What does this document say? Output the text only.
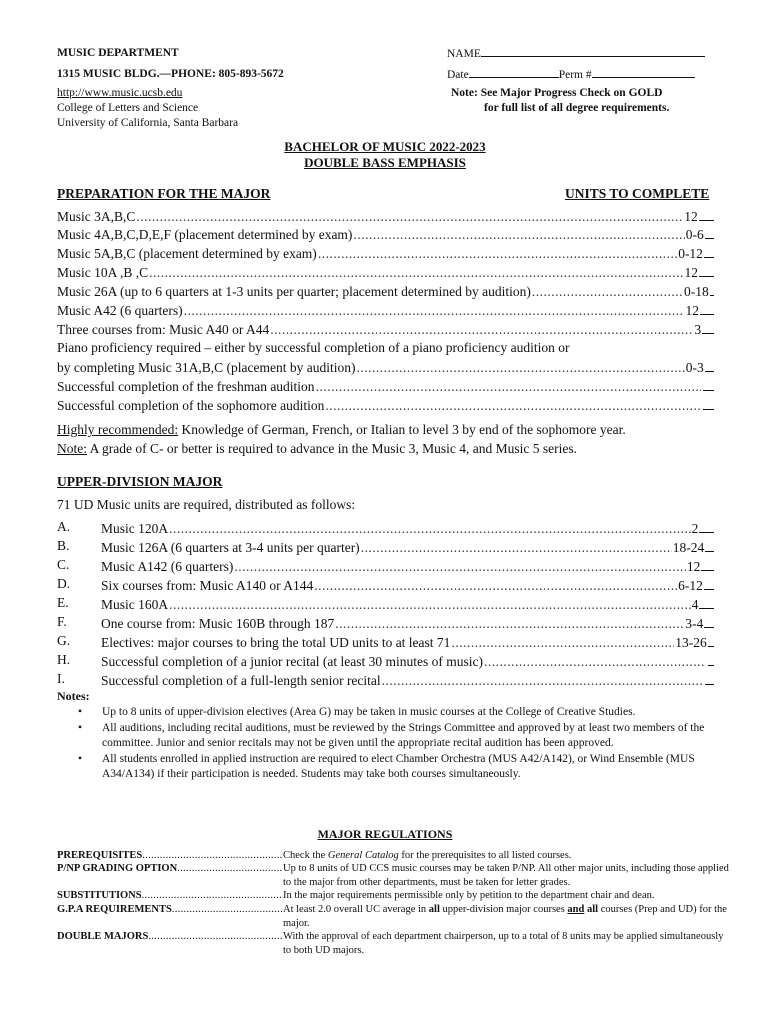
MUSIC DEPARTMENT
1315 MUSIC BLDG.—PHONE: 805-893-5672
http://www.music.ucsb.edu
College of Letters and Science
University of California, Santa Barbara
NAME
Date	Perm #
Note: See Major Progress Check on GOLD
for full list of all degree requirements.
BACHELOR OF MUSIC 2022-2023
DOUBLE BASS EMPHASIS
PREPARATION FOR THE MAJOR	UNITS TO COMPLETE
Music 3A,B,C .....	12
Music 4A,B,C,D,E,F (placement determined by exam) .....	0-6
Music 5A,B,C (placement determined by exam) .....	0-12
Music 10A ,B ,C .....	12
Music 26A (up to 6 quarters at 1-3 units per quarter; placement determined by audition) .....	0-18
Music A42 (6 quarters) .....	12
Three courses from: Music A40 or A44 .....	3
Piano proficiency required – either by successful completion of a piano proficiency audition or
by completing Music 31A,B,C (placement by audition) .....	0-3
Successful completion of the freshman audition
.....
Successful completion of the sophomore audition
.....
Highly recommended: Knowledge of German, French, or Italian to level 3 by end of the sophomore year.
Note: A grade of C- or better is required to advance in the Music 3, Music 4, and Music 5 series.
UPPER-DIVISION MAJOR
71 UD Music units are required, distributed as follows:
A. Music 120A .....	2
B. Music 126A (6 quarters at 3-4 units per quarter) .....	18-24
C. Music A142 (6 quarters) .....	12
D. Six courses from: Music A140 or A144 .....	6-12
E. Music 160A .....	4
F.	One course from: Music 160B through 187 .....	3-4
G. Electives: major courses to bring the total UD units to at least 71 .....	13-26
H. Successful completion of a junior recital (at least 30 minutes of music)
.....
I.	Successful completion of a full-length senior recital
.....
Notes:
• Up to 8 units of upper-division electives (Area G) may be taken in music courses at the College of Creative Studies.
• All auditions, including recital auditions, must be reviewed by the Strings Committee and approved by at least two members of the committee. Junior and senior recitals may not be given until the appropriate recital audition has been approved.
• All students enrolled in applied instruction are required to elect Chamber Orchestra (MUS A42/A142), or Wind Ensemble (MUS A34/A134) if their participation is needed. Students may take both courses simultaneously.
MAJOR REGULATIONS
PREREQUISITES .....	Check the General Catalog for the prerequisites to all listed courses.
P/NP GRADING OPTION .....	Up to 8 units of UD CCS music courses may be taken P/NP. All other major units, including those applied to the major from other departments, must be taken for letter grades.
SUBSTITUTIONS .....	In the major requirements permissible only by petition to the department chair and dean.
G.P.A REQUIREMENTS .....	At least 2.0 overall UC average in all upper-division major courses and all courses (Prep and UD) for the major.
DOUBLE MAJORS .....	With the approval of each department chairperson, up to a total of 8 units may be applied simultaneously to both UD majors.
